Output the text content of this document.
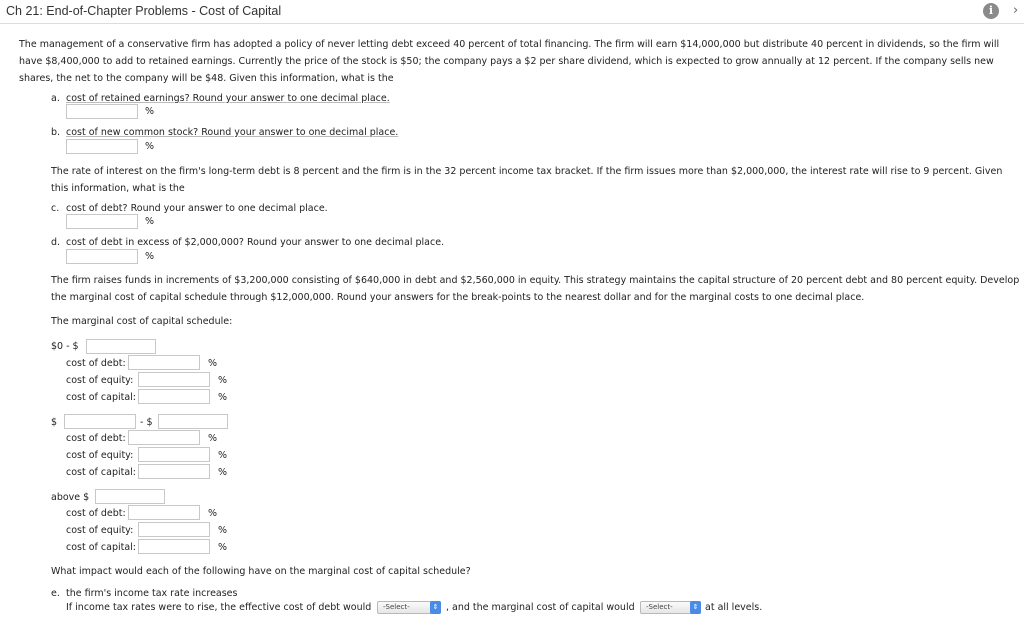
Ch 21: End-of-Chapter Problems - Cost of Capital	i	›
The management of a conservative firm has adopted a policy of never letting debt exceed 40 percent of total financing. The firm will earn $14,000,000 but distribute 40 percent in dividends, so the firm will have $8,400,000 to add to retained earnings. Currently the price of the stock is $50; the company pays a $2 per share dividend, which is expected to grow annually at 12 percent. If the company sells new shares, the net to the company will be $48. Given this information, what is the
a. cost of retained earnings? Round your answer to one decimal place.
%
b. cost of new common stock? Round your answer to one decimal place.
%
The rate of interest on the firm's long-term debt is 8 percent and the firm is in the 32 percent income tax bracket. If the firm issues more than $2,000,000, the interest rate will rise to 9 percent. Given this information, what is the
c. cost of debt? Round your answer to one decimal place.
%
d. cost of debt in excess of $2,000,000? Round your answer to one decimal place.
%
The firm raises funds in increments of $3,200,000 consisting of $640,000 in debt and $2,560,000 in equity. This strategy maintains the capital structure of 20 percent debt and 80 percent equity. Develop the marginal cost of capital schedule through $12,000,000. Round your answers for the break-points to the nearest dollar and for the marginal costs to one decimal place.
The marginal cost of capital schedule:
$0 - $
cost of debt:	%
cost of equity:	%
cost of capital:	%
$	- $
cost of debt:	%
cost of equity:	%
cost of capital:	%
above $
cost of debt:	%
cost of equity:	%
cost of capital:	%
What impact would each of the following have on the marginal cost of capital schedule?
e. the firm's income tax rate increases
If income tax rates were to rise, the effective cost of debt would	-Select-	⇕ , and the marginal cost of capital would	-Select-	⇕ at all levels.
